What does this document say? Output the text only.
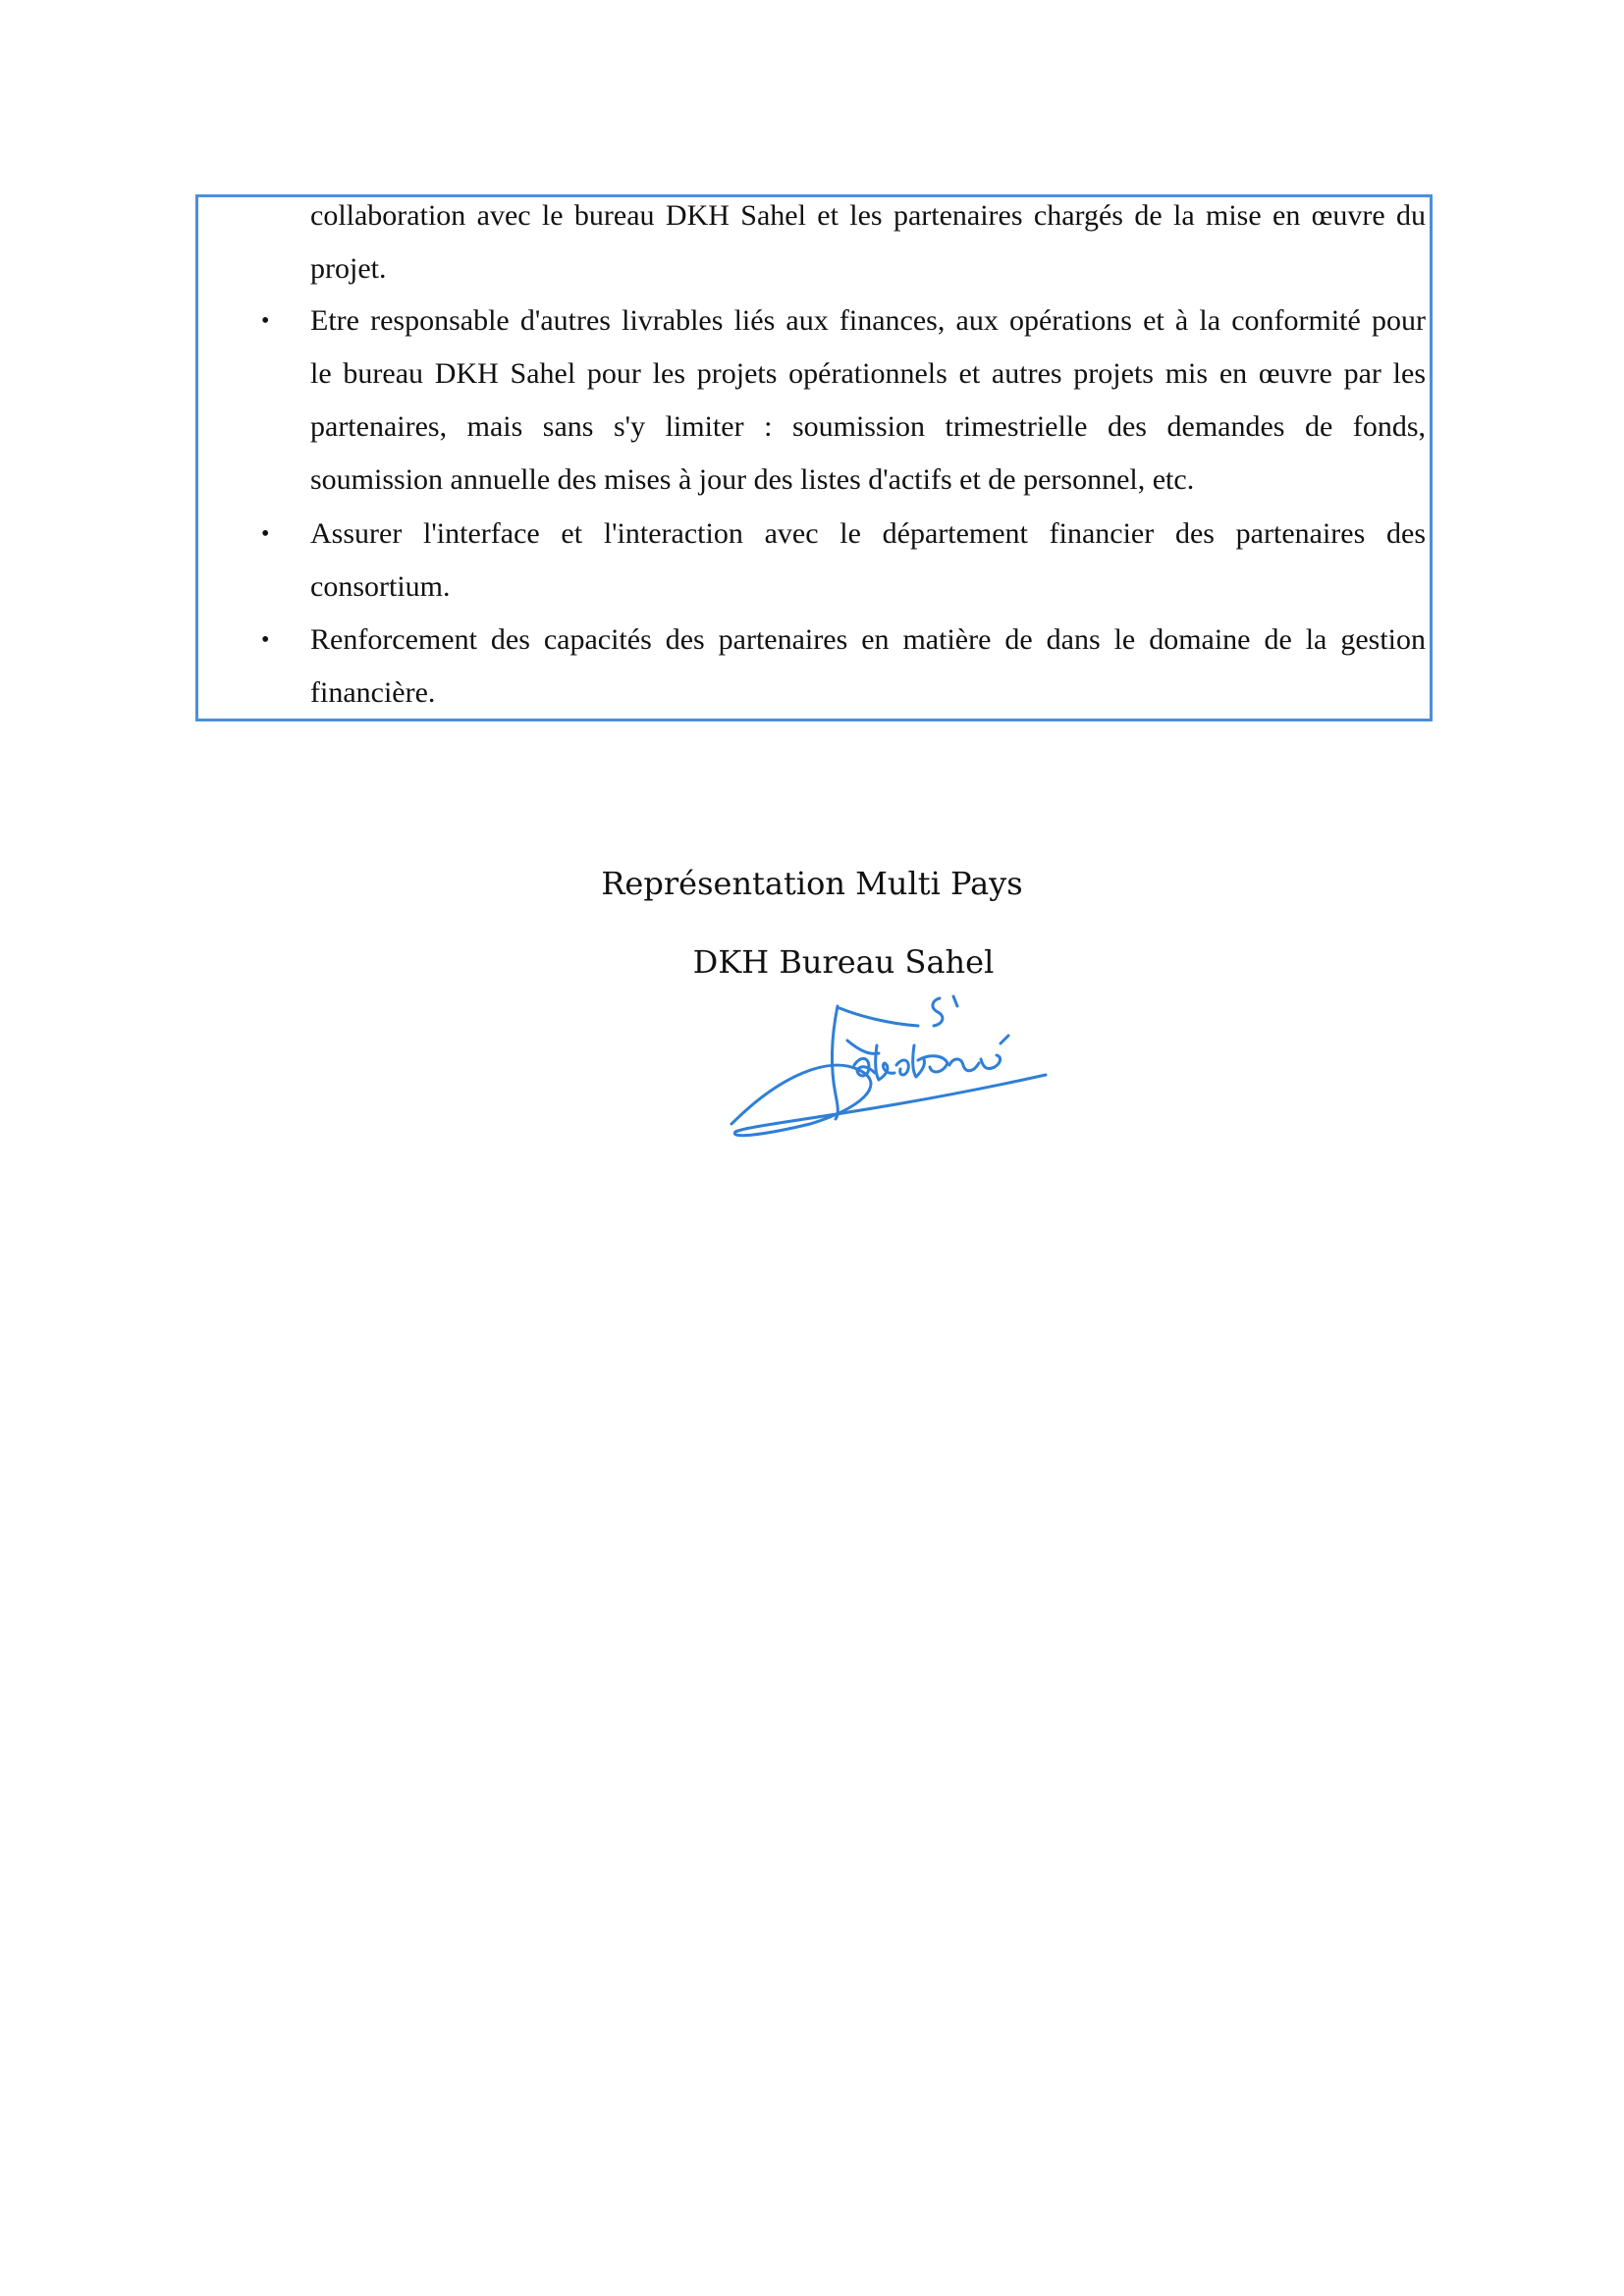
collaboration avec le bureau DKH Sahel et les partenaires chargés de la mise en œuvre du
projet.
• Etre responsable d'autres livrables liés aux finances, aux opérations et à la conformité pour
le bureau DKH Sahel pour les projets opérationnels et autres projets mis en œuvre par les
partenaires, mais sans s'y limiter : soumission trimestrielle des demandes de fonds,
soumission annuelle des mises à jour des listes d'actifs et de personnel, etc.
• Assurer l'interface et l'interaction avec le département financier des partenaires des
consortium.
• Renforcement des capacités des partenaires en matière de dans le domaine de la gestion
financière.
Représentation Multi Pays
DKH Bureau Sahel
